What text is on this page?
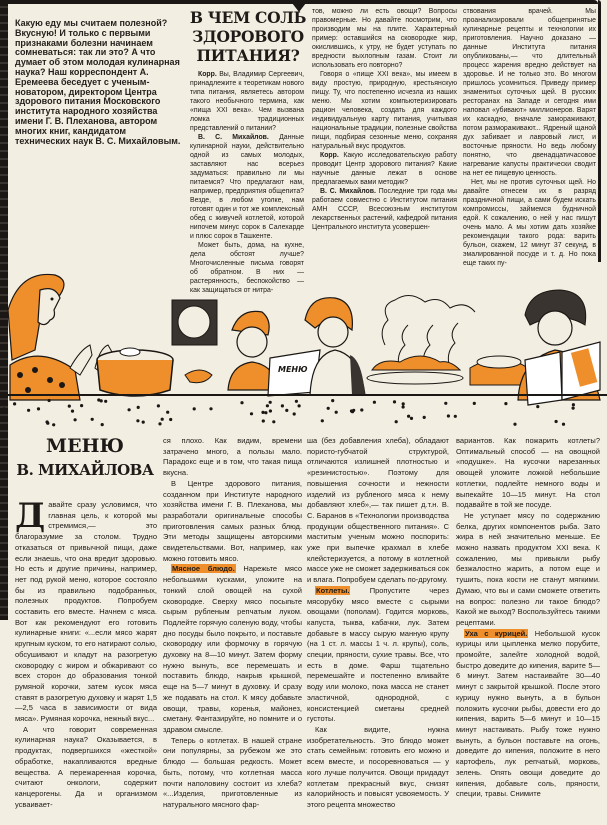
Какую еду мы считаем полезной? Вкусную! И только с первыми признаками болезни начинаем сомневаться: так ли это? А что думает об этом молодая кулинарная наука? Наш корреспондент А. Еремеева беседует с ученым-новатором, директором Центра здорового питания Московского института народного хозяйства имени Г. В. Плеханова, автором многих книг, кандидатом технических наук В. С. Михайловым.
В ЧЕМ СОЛЬ
ЗДОРОВОГО
ПИТАНИЯ?

Корр. Вы, Владимир Сергеевич, принадлежите к теоретикам нового типа питания, являетесь автором такого необычного термина, как «пища XXI века». Чем вызвана ломка традиционных представлений о питании?

В. С. Михайлов. Данные кулинарной науки, действительно одной из самых молодых, заставляют нас всерьез задуматься: правильно ли мы питаемся? Что предлагают нам, например, предприятия общепита? Везде, в любом уголке, нам готовят один и тот же комплексный обед с живучей котлетой, которой нипочем минус сорок в Салехарде и плюс сорок в Ташкенте.

Может быть, дома, на кухне, дела обстоят лучше? Многочисленные письма говорят об обратном. В них — растерянность, беспокойство — как защищаться от нитра-

тов, можно ли есть овощи? Вопросы правомерные. Но давайте посмотрим, что производим мы на плите. Характерный пример: оставшийся на сковородке жир, окислившись, к утру, не будет уступать по вредности выхлопным газам. Стоит ли использовать его повторно?

Говоря о «пище XXI века», мы имеем в виду простую, природную, крестьянскую пищу. Ту, что постепенно исчезла из наших меню. Мы хотим компьютеризировать рацион человека, создать для каждого индивидуальную карту питания, учитывая национальные традиции, полезные свойства пищи, подбирая сезонные меню, сохраняя натуральный вкус продуктов.

Корр. Какую исследовательскую работу проводит Центр здорового питания? Какие научные данные лежат в основе предлагаемых вами методик?

В. С. Михайлов. Последние три года мы работаем совместно с Институтом питания АМН СССР, Всесоюзным институтом лекарственных растений, кафедрой питания Центрального института усовершен-

ствования врачей. Мы проанализировали общепринятые кулинарные рецепты и технологии их приготовления. Научно доказано — данные Института питания опубликованы,— что длительный процесс жарения вредно действует на здоровье. И не только это. Во многом пришлось усомниться. Приведу пример знаменитых суточных щей. В русских ресторанах на Западе и сегодня ими наповал «убивают» миллионеров. Варят их каскадно, вначале замораживают, потом размораживают... Ядреный щаной дух забивает и лавровый лист, и восточные пряности. Но ведь любому понятно, что двенадцатичасовое нагревание капусты практически сводит на нет ее пищевую ценность.

Нет, мы не против суточных щей. Но давайте отнесем их в разряд праздничной пищи, а сами будем искать компромиссы, займемся будничной едой. К сожалению, о ней у нас пишут очень мало. А мы хотим дать хозяйке рекомендации такого рода: варить бульон, скажем, 12 минут 37 секунд, в эмалированной посуде и т. д. Но пока еще таких пу-

МЕНЮ
МЕНЮ
В. МИХАЙЛОВА

Давайте сразу условимся, что главная цель, к которой мы стремимся,— это благоразумие за столом. Трудно отказаться от привычной пищи, даже если знаешь, что она вредит здоровью. Но есть и другие причины, например, нет под рукой меню, которое состояло бы из правильно подобранных, полезных продуктов. Попробуем составить его вместе. Начнем с мяса. Вот как рекомендуют его готовить кулинарные книги: «...если мясо жарят крупным куском, то его натирают солью, обсушивают и кладут на разогретую сковородку с жиром и обжаривают со всех сторон до образования тонкой румяной корочки, затем кусок мяса ставят в разогретую духовку и жарят 1,5—2,5 часа в зависимости от вида мяса». Румяная корочка, нежный вкус...

А что говорит современная кулинарная наука? Оказывается, в продуктах, подвергшихся «жесткой» обработке, накапливаются вредные вещества. А пережаренная корочка, считают онкологи, содержит канцерогены. Да и организмом усваивает-

ся плохо. Как видим, времени затрачено много, а пользы мало. Парадокс еще и в том, что такая пища вкусна.

В Центре здорового питания, созданном при Институте народного хозяйства имени Г. В. Плеханова, мы разработали оригинальные способы приготовления самых разных блюд. Эти методы защищены авторскими свидетельствами. Вот, например, как можно готовить мясо.

Мясное блюдо. Нарежьте мясо небольшими кусками, уложите на тонкий слой овощей на сухой сковородке. Сверху мясо посыпьте сырым рубленым репчатым луком. Подлейте горячую соленую воду, чтобы дно посуды было покрыто, и поставьте сковородку или формочку в горячую духовку на 8—10 минут. Затем форму нужно вынуть, все перемешать и поставить блюдо, накрыв крышкой, еще на 5—7 минут в духовку. И сразу же подавать на стол. К мясу добавьте овощи, травы, коренья, майонез, сметану. Фантазируйте, но помните и о здравом смысле.

Теперь о котлетах. В нашей стране они популярны, за рубежом же это блюдо — большая редкость. Может быть, потому, что котлетная масса почти наполовину состоит из хлеба? «...Изделия, приготовленные из натурального мясного фар-

ша (без добавления хлеба), обладают пористо-губчатой структурой, отличаются излишней плотностью и «резинистостью». Поэтому для повышения сочности и нежности изделий из рубленого мяса к нему добавляют хлеб»,— так пишет д.т.н. В. С. Баранов в «Технологии производства продукции общественного питания». С маститым ученым можно поспорить: уже при выпечке крахмал в хлебе клейстеризуется, а потому в котлетной массе уже не сможет задерживаться сок и влага. Попробуем сделать по-другому.

Котлеты. Пропустите через мясорубку мясо вместе с сырыми овощами (пополам). Годится морковь, капуста, тыква, кабачки, лук. Затем добавьте в массу сырую манную крупу (на 1 ст. л. массы 1 ч. л. крупы), соль, специи, пряности, сухие травы. Все, что есть в доме. Фарш тщательно перемешайте и постепенно вливайте воду или молоко, пока масса не станет эластичной, однородной, с консистенцией сметаны средней густоты.

Как видите, нужна изобретательность. Это блюдо может стать семейным: готовить его можно и всем вместе, и посоревноваться — у кого лучше получится. Овощи придадут котлетам прекрасный вкус, снизят калорийность и повысят усвояемость. У этого рецепта множество

вариантов. Как пожарить котлеты? Оптимальный способ — на овощной «подушке». На кусочки нарезанных овощей уложите ложкой небольшие котлетки, подлейте немного воды и выпекайте 10—15 минут. На стол подавайте в той же посуде.

Не уступает мясу по содержанию белка, других компонентов рыба. Зато жира в ней значительно меньше. Ее можно назвать продуктом XXI века. К сожалению, мы привыкли рыбу безжалостно жарить, а потом еще и тушить, пока кости не станут мягкими. Думаю, что вы и сами сможете ответить на вопрос: полезно ли такое блюдо? Какой же выход? Воспользуйтесь такими рецептами.

Уха с курицей. Небольшой кусок курицы или цыпленка мелко порубите, промойте, залейте холодной водой, быстро доведите до кипения, варите 5—6 минут. Затем настаивайте 30—40 минут с закрытой крышкой. После этого курицу нужно вынуть, а в бульон положить кусочки рыбы, довести его до кипения, варить 5—6 минут и 10—15 минут настаивать. Рыбу тоже нужно вынуть, а бульон поставьте на огонь, доведите до кипения, положите в него картофель, лук репчатый, морковь, зелень. Опять овощи доведите до кипения, добавьте соль, пряности, специи, травы. Снимите
